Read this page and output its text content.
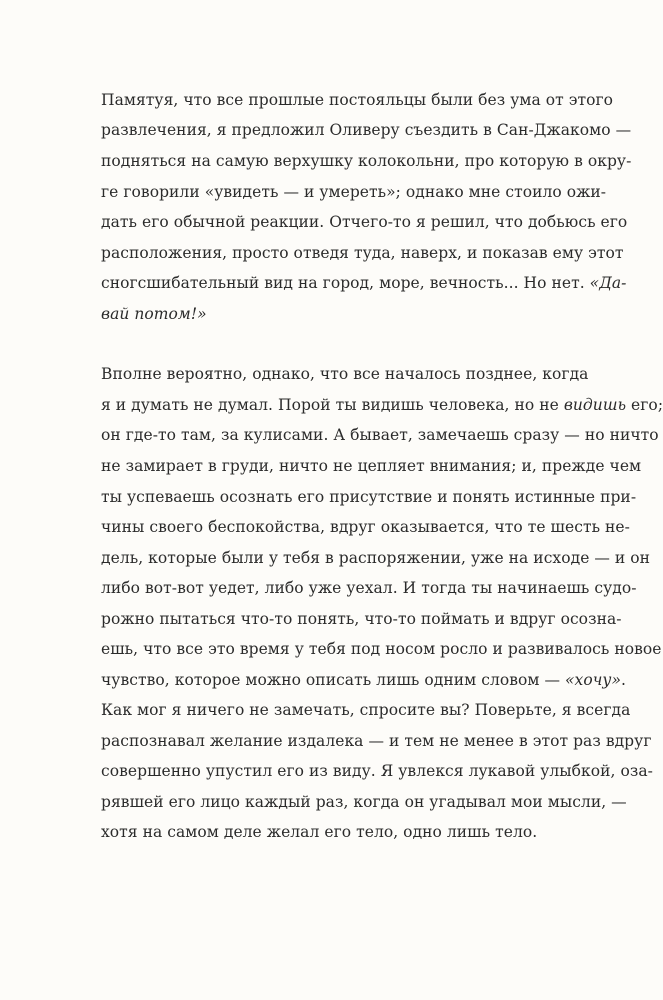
Памятуя, что все прошлые постояльцы были без ума от этого
развлечения, я предложил Оливеру съездить в Сан-Джакомо —
подняться на самую верхушку колокольни, про которую в окру-
ге говорили «увидеть — и умереть»; однако мне стоило ожи-
дать его обычной реакции. Отчего-то я решил, что добьюсь его
расположения, просто отведя туда, наверх, и показав ему этот
сногсшибательный вид на город, море, вечность... Но нет. «Да-
вай потом!»
Вполне вероятно, однако, что все началось позднее, когда
я и думать не думал. Порой ты видишь человека, но не видишь его;
он где-то там, за кулисами. А бывает, замечаешь сразу — но ничто
не замирает в груди, ничто не цепляет внимания; и, прежде чем
ты успеваешь осознать его присутствие и понять истинные при-
чины своего беспокойства, вдруг оказывается, что те шесть не-
дель, которые были у тебя в распоряжении, уже на исходе — и он
либо вот-вот уедет, либо уже уехал. И тогда ты начинаешь судо-
рожно пытаться что-то понять, что-то поймать и вдруг осозна-
ешь, что все это время у тебя под носом росло и развивалось новое
чувство, которое можно описать лишь одним словом — «хочу».
Как мог я ничего не замечать, спросите вы? Поверьте, я всегда
распознавал желание издалека — и тем не менее в этот раз вдруг
совершенно упустил его из виду. Я увлекся лукавой улыбкой, оза-
рявшей его лицо каждый раз, когда он угадывал мои мысли, —
хотя на самом деле желал его тело, одно лишь тело.
